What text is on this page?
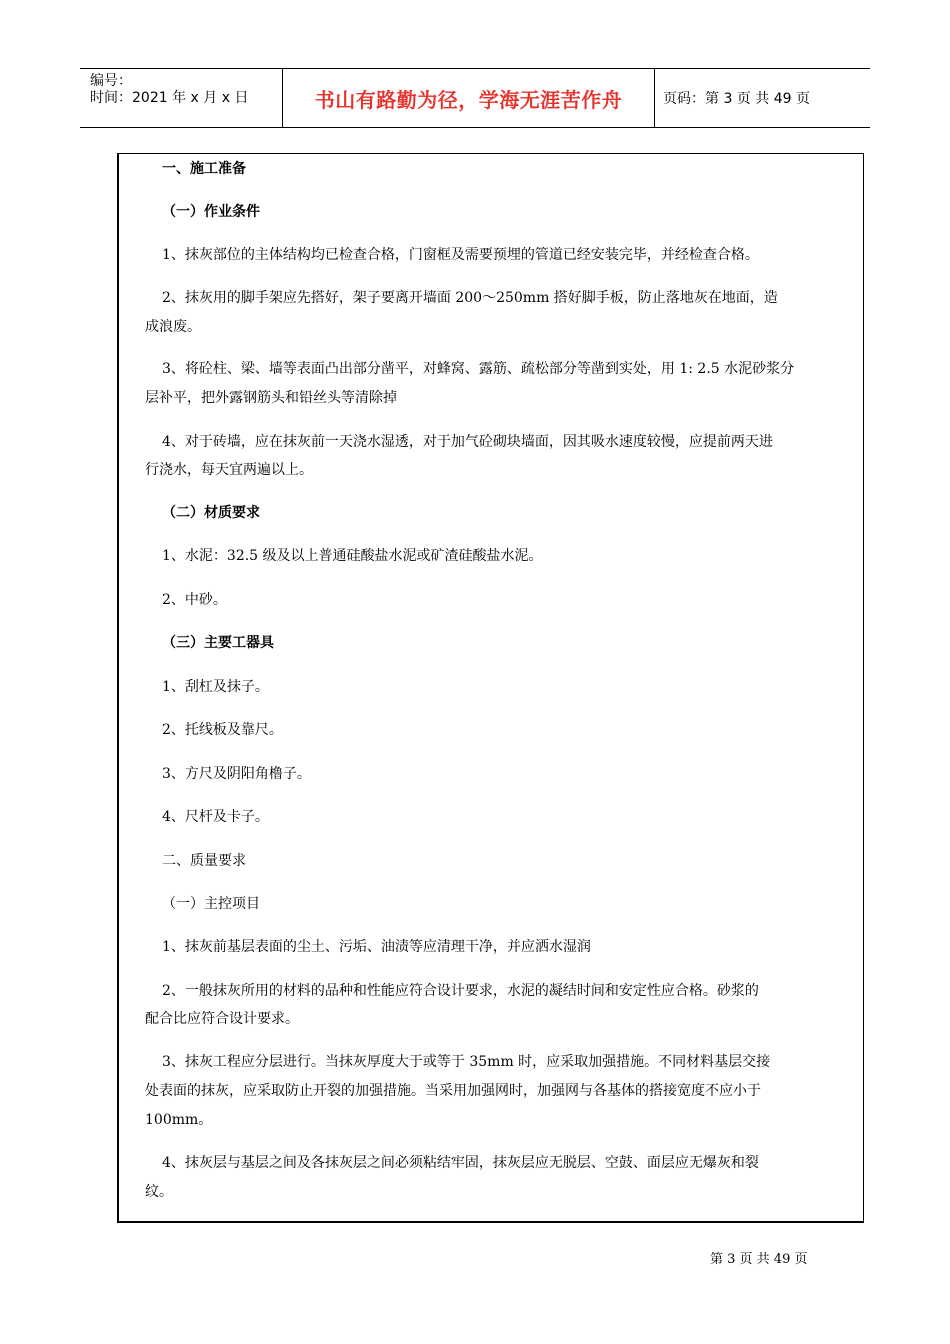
编号：
时间：2021 年 x 月 x 日	书山有路勤为径，学海无涯苦作舟	页码：第 3 页 共 49 页
一、施工准备
（一）作业条件
1、抹灰部位的主体结构均已检查合格，门窗框及需要预埋的管道已经安装完毕，并经检查合格。
2、抹灰用的脚手架应先搭好，架子要离开墙面 200～250mm 搭好脚手板，防止落地灰在地面，造
成浪废。
3、将砼柱、梁、墙等表面凸出部分凿平，对蜂窝、露筋、疏松部分等凿到实处，用 1: 2.5 水泥砂浆分
层补平，把外露钢筋头和铅丝头等清除掉
4、对于砖墙，应在抹灰前一天浇水湿透，对于加气砼砌块墙面，因其吸水速度较慢，应提前两天进
行浇水，每天宜两遍以上。
（二）材质要求
1、水泥：32.5 级及以上普通硅酸盐水泥或矿渣硅酸盐水泥。
2、中砂。
（三）主要工器具
1、刮杠及抹子。
2、托线板及靠尺。
3、方尺及阴阳角橹子。
4、尺杆及卡子。
二、质量要求
（一）主控项目
1、抹灰前基层表面的尘土、污垢、油渍等应清理干净，并应洒水湿润
2、一般抹灰所用的材料的品种和性能应符合设计要求，水泥的凝结时间和安定性应合格。砂浆的
配合比应符合设计要求。
3、抹灰工程应分层进行。当抹灰厚度大于或等于 35mm 时，应采取加强措施。不同材料基层交接
处表面的抹灰，应采取防止开裂的加强措施。当采用加强网时，加强网与各基体的搭接宽度不应小于
100mm。
4、抹灰层与基层之间及各抹灰层之间必须粘结牢固，抹灰层应无脱层、空鼓、面层应无爆灰和裂
纹。
第 3 页 共 49 页
